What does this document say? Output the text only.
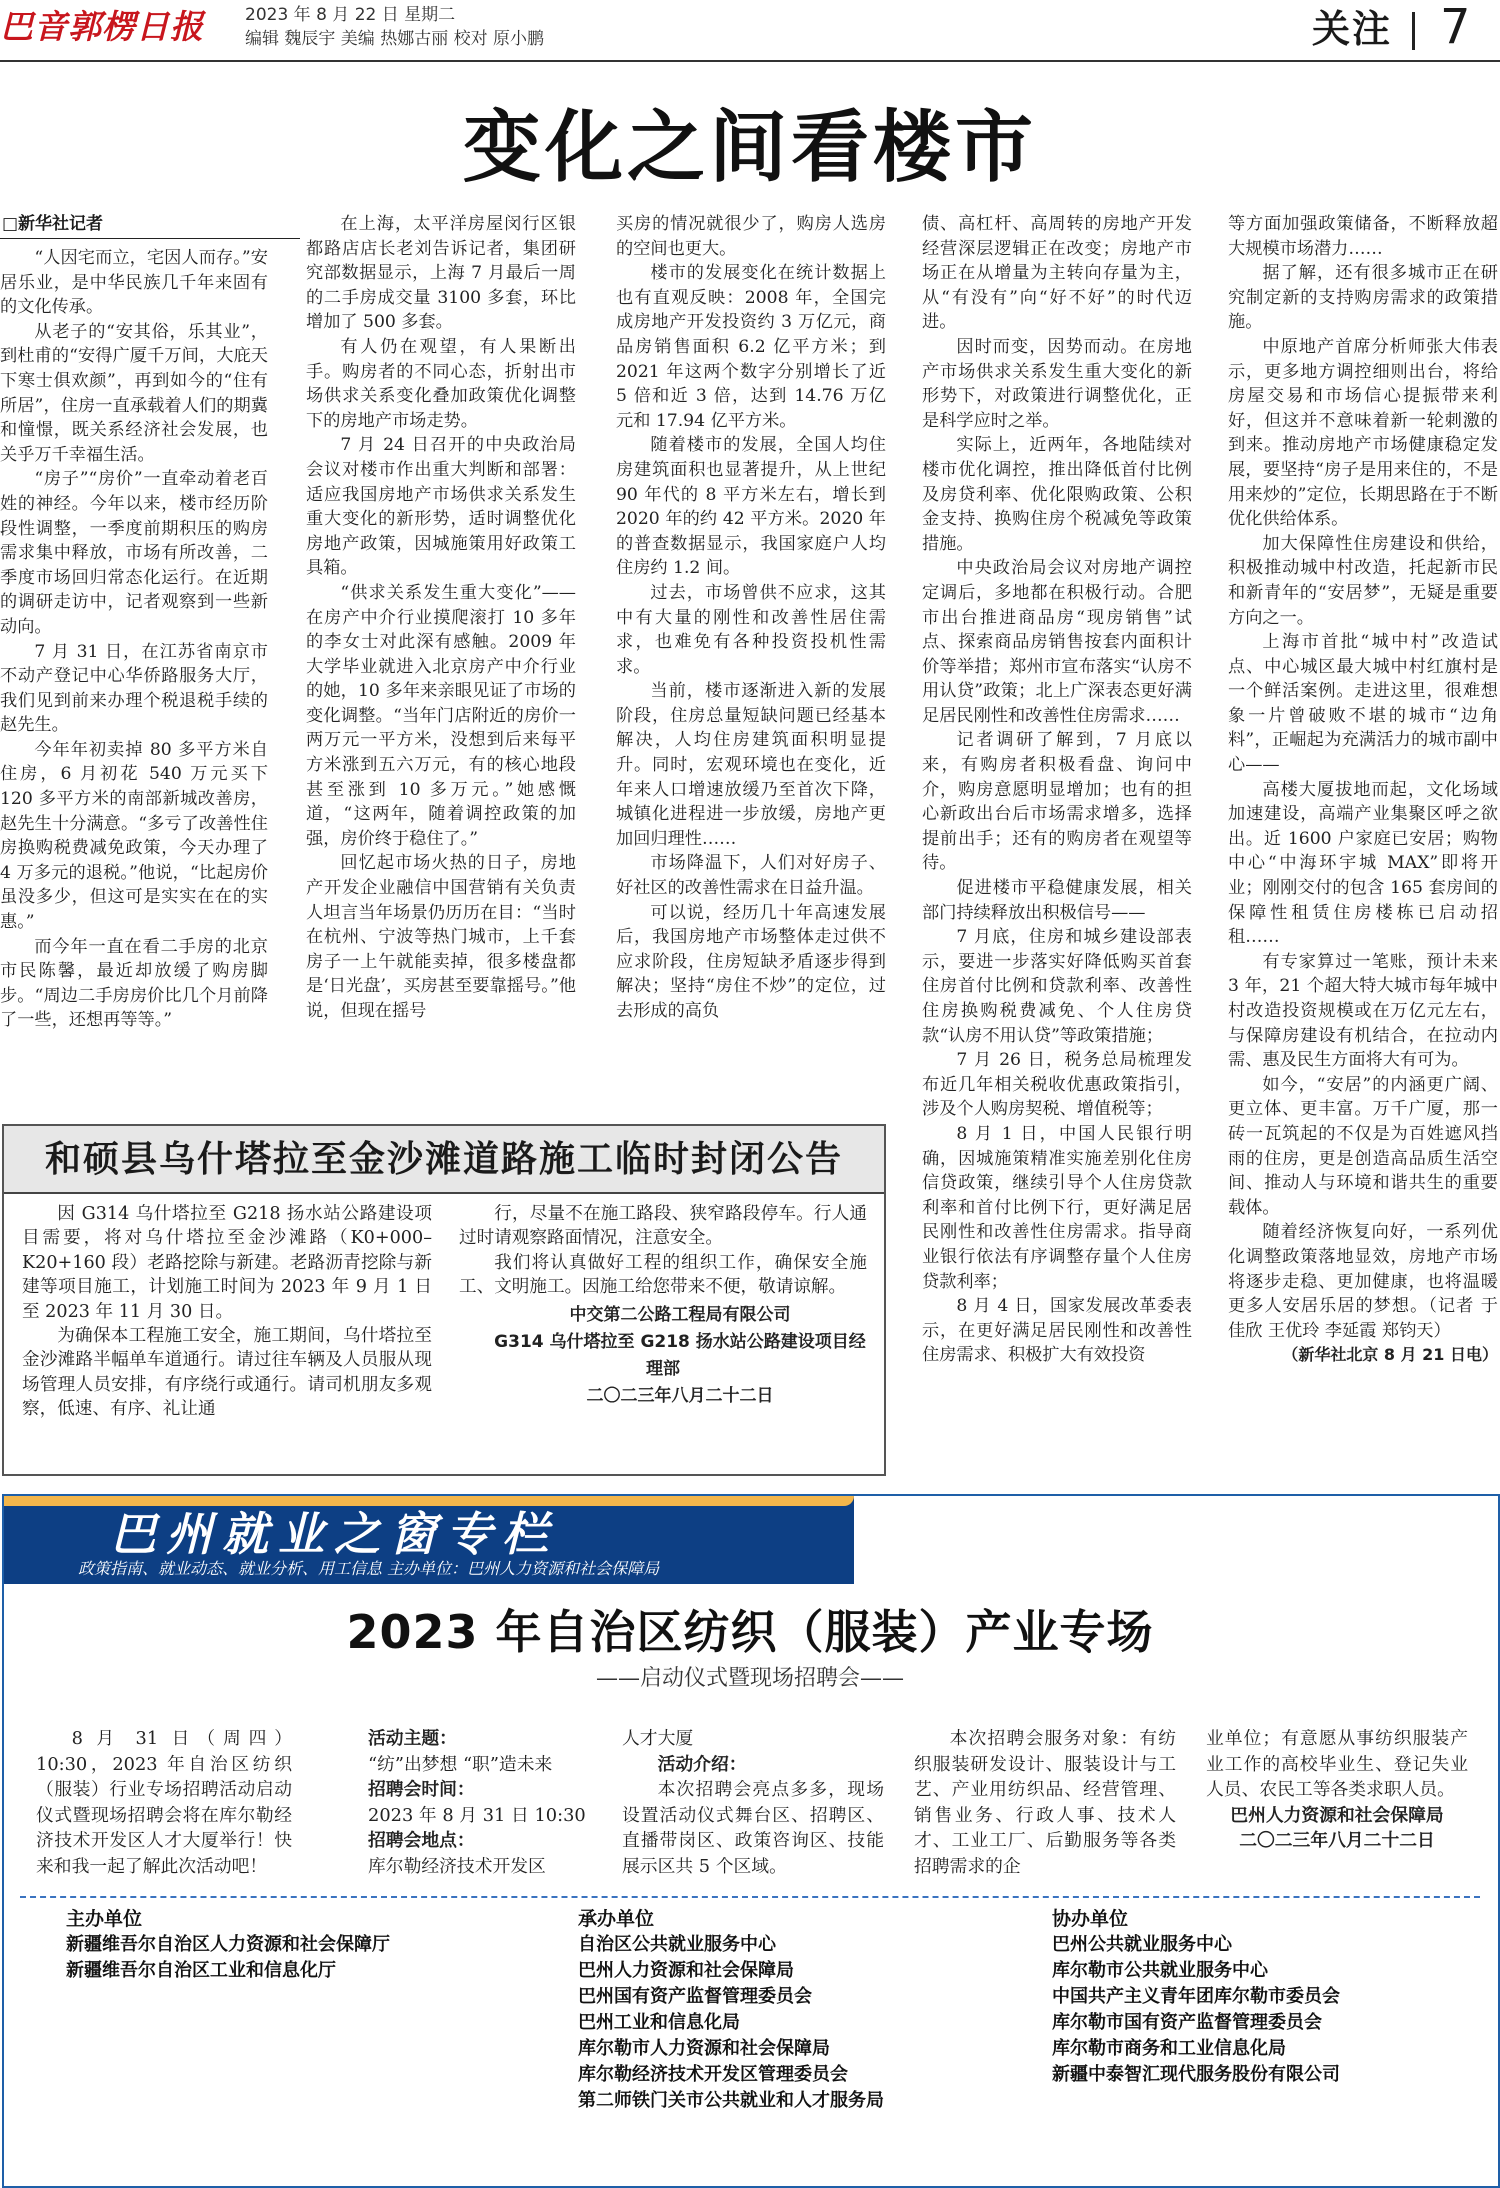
巴音郭楞日报	2023 年 8 月 22 日 星期二
编辑 魏辰宇 美编 热娜古丽 校对 原小鹏	关注 7
变化之间看楼市
□新华社记者

“人因宅而立，宅因人而存。”安居乐业，是中华民族几千年来固有的文化传承。

从老子的“安其俗，乐其业”，到杜甫的“安得广厦千万间，大庇天下寒士俱欢颜”，再到如今的“住有所居”，住房一直承载着人们的期冀和憧憬，既关系经济社会发展，也关乎万千幸福生活。

“房子”“房价”一直牵动着老百姓的神经。今年以来，楼市经历阶段性调整，一季度前期积压的购房需求集中释放，市场有所改善，二季度市场回归常态化运行。在近期的调研走访中，记者观察到一些新动向。

7 月 31 日，在江苏省南京市不动产登记中心华侨路服务大厅，我们见到前来办理个税退税手续的赵先生。

今年年初卖掉 80 多平方米自住房，6 月初花 540 万元买下 120 多平方米的南部新城改善房，赵先生十分满意。“多亏了改善性住房换购税费减免政策，今天办理了 4 万多元的退税。”他说，“比起房价虽没多少，但这可是实实在在的实惠。”

而今年一直在看二手房的北京市民陈馨，最近却放缓了购房脚步。“周边二手房房价比几个月前降了一些，还想再等等。”

在上海，太平洋房屋闵行区银都路店店长老刘告诉记者，集团研究部数据显示，上海 7 月最后一周的二手房成交量 3100 多套，环比增加了 500 多套。

有人仍在观望，有人果断出手。购房者的不同心态，折射出市场供求关系变化叠加政策优化调整下的房地产市场走势。

7 月 24 日召开的中央政治局会议对楼市作出重大判断和部署：适应我国房地产市场供求关系发生重大变化的新形势，适时调整优化房地产政策，因城施策用好政策工具箱。

“供求关系发生重大变化”——在房产中介行业摸爬滚打 10 多年的李女士对此深有感触。2009 年大学毕业就进入北京房产中介行业的她，10 多年来亲眼见证了市场的变化调整。“当年门店附近的房价一两万元一平方米，没想到后来每平方米涨到五六万元，有的核心地段甚至涨到 10 多万元。”她感慨道，“这两年，随着调控政策的加强，房价终于稳住了。”

回忆起市场火热的日子，房地产开发企业融信中国营销有关负责人坦言当年场景仍历历在目：“当时在杭州、宁波等热门城市，上千套房子一上午就能卖掉，很多楼盘都是‘日光盘’，买房甚至要靠摇号。”他说，但现在摇号

买房的情况就很少了，购房人选房的空间也更大。

楼市的发展变化在统计数据上也有直观反映：2008 年，全国完成房地产开发投资约 3 万亿元，商品房销售面积 6.2 亿平方米；到 2021 年这两个数字分别增长了近 5 倍和近 3 倍，达到 14.76 万亿元和 17.94 亿平方米。

随着楼市的发展，全国人均住房建筑面积也显著提升，从上世纪 90 年代的 8 平方米左右，增长到 2020 年的约 42 平方米。2020 年的普查数据显示，我国家庭户人均住房约 1.2 间。

过去，市场曾供不应求，这其中有大量的刚性和改善性居住需求，也难免有各种投资投机性需求。

当前，楼市逐渐进入新的发展阶段，住房总量短缺问题已经基本解决，人均住房建筑面积明显提升。同时，宏观环境也在变化，近年来人口增速放缓乃至首次下降，城镇化进程进一步放缓，房地产更加回归理性……

市场降温下，人们对好房子、好社区的改善性需求在日益升温。

可以说，经历几十年高速发展后，我国房地产市场整体走过供不应求阶段，住房短缺矛盾逐步得到解决；坚持“房住不炒”的定位，过去形成的高负

债、高杠杆、高周转的房地产开发经营深层逻辑正在改变；房地产市场正在从增量为主转向存量为主，从“有没有”向“好不好”的时代迈进。

因时而变，因势而动。在房地产市场供求关系发生重大变化的新形势下，对政策进行调整优化，正是科学应时之举。

实际上，近两年，各地陆续对楼市优化调控，推出降低首付比例及房贷利率、优化限购政策、公积金支持、换购住房个税减免等政策措施。

中央政治局会议对房地产调控定调后，多地都在积极行动。合肥市出台推进商品房“现房销售”试点、探索商品房销售按套内面积计价等举措；郑州市宣布落实“认房不用认贷”政策；北上广深表态更好满足居民刚性和改善性住房需求……

记者调研了解到，7 月底以来，有购房者积极看盘、询问中介，购房意愿明显增加；也有的担心新政出台后市场需求增多，选择提前出手；还有的购房者在观望等待。

促进楼市平稳健康发展，相关部门持续释放出积极信号——

7 月底，住房和城乡建设部表示，要进一步落实好降低购买首套住房首付比例和贷款利率、改善性住房换购税费减免、个人住房贷款“认房不用认贷”等政策措施；

7 月 26 日，税务总局梳理发布近几年相关税收优惠政策指引，涉及个人购房契税、增值税等；

8 月 1 日，中国人民银行明确，因城施策精准实施差别化住房信贷政策，继续引导个人住房贷款利率和首付比例下行，更好满足居民刚性和改善性住房需求。指导商业银行依法有序调整存量个人住房贷款利率；

8 月 4 日，国家发展改革委表示，在更好满足居民刚性和改善性住房需求、积极扩大有效投资

等方面加强政策储备，不断释放超大规模市场潜力……

据了解，还有很多城市正在研究制定新的支持购房需求的政策措施。

中原地产首席分析师张大伟表示，更多地方调控细则出台，将给房屋交易和市场信心提振带来利好，但这并不意味着新一轮刺激的到来。推动房地产市场健康稳定发展，要坚持“房子是用来住的，不是用来炒的”定位，长期思路在于不断优化供给体系。

加大保障性住房建设和供给，积极推动城中村改造，托起新市民和新青年的“安居梦”，无疑是重要方向之一。

上海市首批“城中村”改造试点、中心城区最大城中村红旗村是一个鲜活案例。走进这里，很难想象一片曾破败不堪的城市“边角料”，正崛起为充满活力的城市副中心——

高楼大厦拔地而起，文化场域加速建设，高端产业集聚区呼之欲出。近 1600 户家庭已安居；购物中心“中海环宇城 MAX”即将开业；刚刚交付的包含 165 套房间的保障性租赁住房楼栋已启动招租……

有专家算过一笔账，预计未来 3 年，21 个超大特大城市每年城中村改造投资规模或在万亿元左右，与保障房建设有机结合，在拉动内需、惠及民生方面将大有可为。

如今，“安居”的内涵更广阔、更立体、更丰富。万千广厦，那一砖一瓦筑起的不仅是为百姓遮风挡雨的住房，更是创造高品质生活空间、推动人与环境和谐共生的重要载体。

随着经济恢复向好，一系列优化调整政策落地显效，房地产市场将逐步走稳、更加健康，也将温暖更多人安居乐居的梦想。（记者 于佳欣 王优玲 李延霞 郑钧天）

（新华社北京 8 月 21 日电）

和硕县乌什塔拉至金沙滩道路施工临时封闭公告

因 G314 乌什塔拉至 G218 扬水站公路建设项目需要，将对乌什塔拉至金沙滩路（K0+000–K20+160 段）老路挖除与新建。老路沥青挖除与新建等项目施工，计划施工时间为 2023 年 9 月 1 日至 2023 年 11 月 30 日。

为确保本工程施工安全，施工期间，乌什塔拉至金沙滩路半幅单车道通行。请过往车辆及人员服从现场管理人员安排，有序绕行或通行。请司机朋友多观察，低速、有序、礼让通

行，尽量不在施工路段、狭窄路段停车。行人通过时请观察路面情况，注意安全。

我们将认真做好工程的组织工作，确保安全施工、文明施工。因施工给您带来不便，敬请谅解。

中交第二公路工程局有限公司

G314 乌什塔拉至 G218 扬水站公路建设项目经理部

二〇二三年八月二十二日

巴州就业之窗专栏
政策指南、就业动态、就业分析、用工信息 主办单位：巴州人力资源和社会保障局
2023 年自治区纺织（服装）产业专场
——启动仪式暨现场招聘会——

8 月 31 日（周四）10:30，2023 年自治区纺织（服装）行业专场招聘活动启动仪式暨现场招聘会将在库尔勒经济技术开发区人才大厦举行！快来和我一起了解此次活动吧！

活动主题：

“纺”出梦想 “职”造未来

招聘会时间：

2023 年 8 月 31 日 10:30

招聘会地点：

库尔勒经济技术开发区

人才大厦

活动介绍：

本次招聘会亮点多多，现场设置活动仪式舞台区、招聘区、直播带岗区、政策咨询区、技能展示区共 5 个区域。

本次招聘会服务对象：有纺织服装研发设计、服装设计与工艺、产业用纺织品、经营管理、销售业务、行政人事、技术人才、工业工厂、后勤服务等各类招聘需求的企

业单位；有意愿从事纺织服装产业工作的高校毕业生、登记失业人员、农民工等各类求职人员。

巴州人力资源和社会保障局

二〇二三年八月二十二日

主办单位
新疆维吾尔自治区人力资源和社会保障厅
新疆维吾尔自治区工业和信息化厅
承办单位
自治区公共就业服务中心
巴州人力资源和社会保障局
巴州国有资产监督管理委员会
巴州工业和信息化局
库尔勒市人力资源和社会保障局
库尔勒经济技术开发区管理委员会
第二师铁门关市公共就业和人才服务局
协办单位
巴州公共就业服务中心
库尔勒市公共就业服务中心
中国共产主义青年团库尔勒市委员会
库尔勒市国有资产监督管理委员会
库尔勒市商务和工业信息化局
新疆中泰智汇现代服务股份有限公司
